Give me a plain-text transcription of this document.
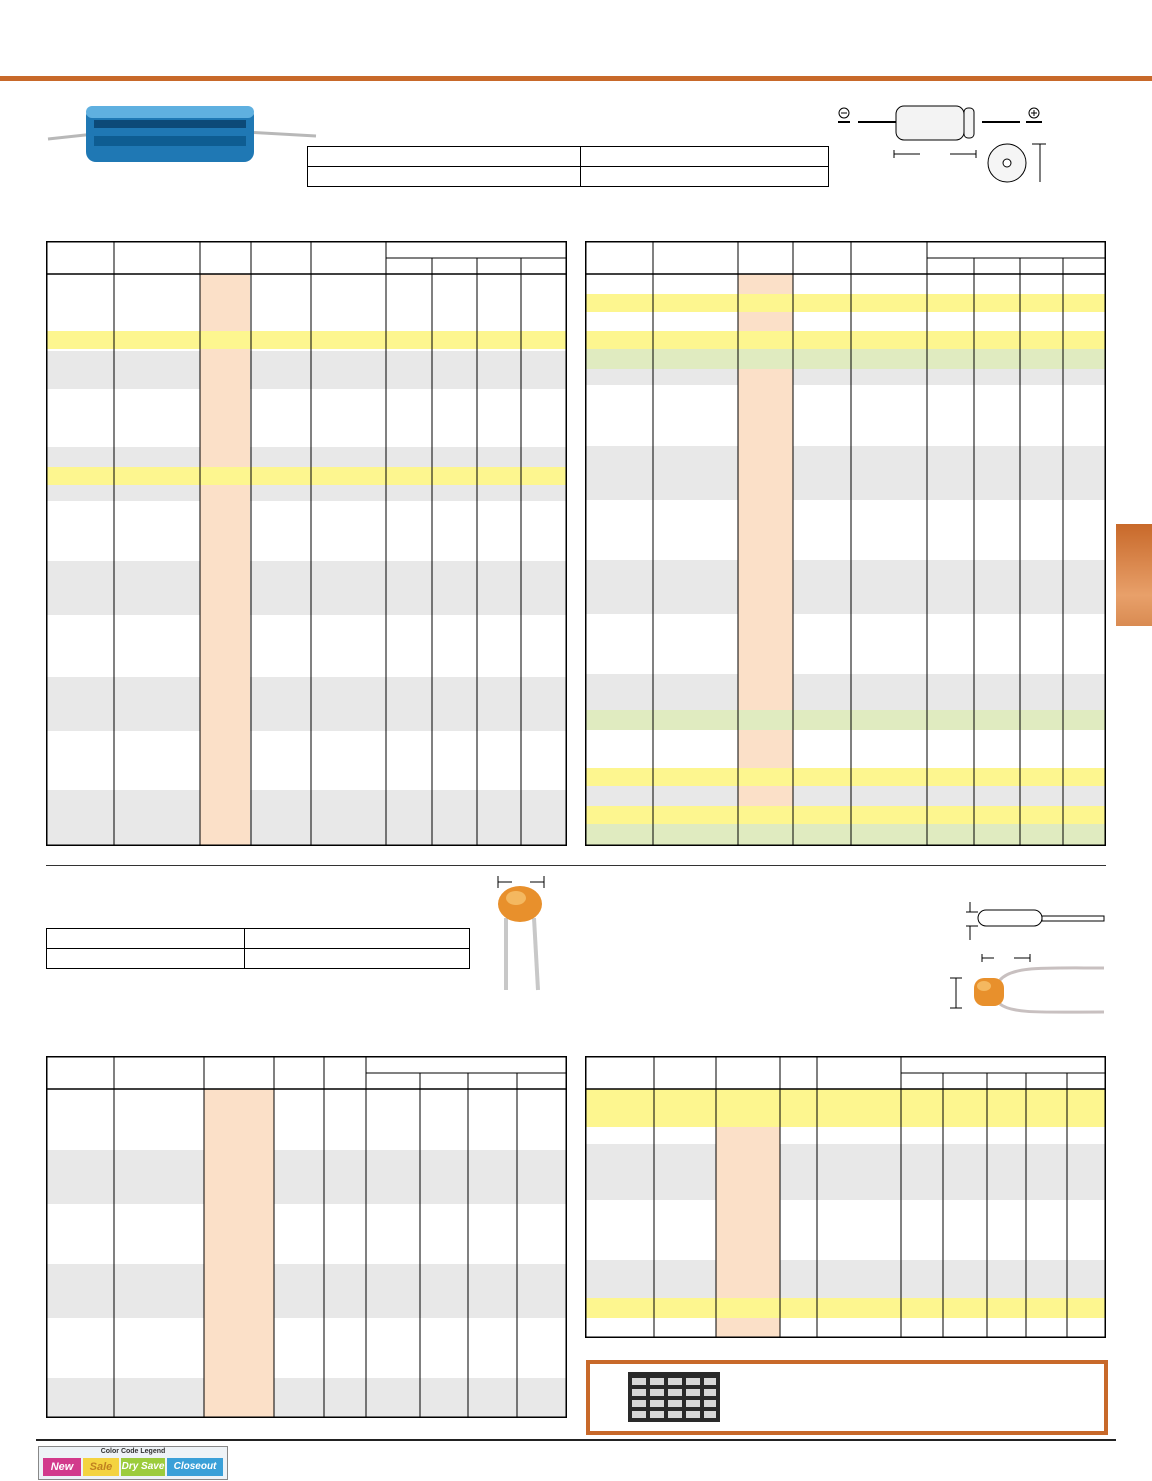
Color Code Legend
New	Sale Dry Save Closeout
